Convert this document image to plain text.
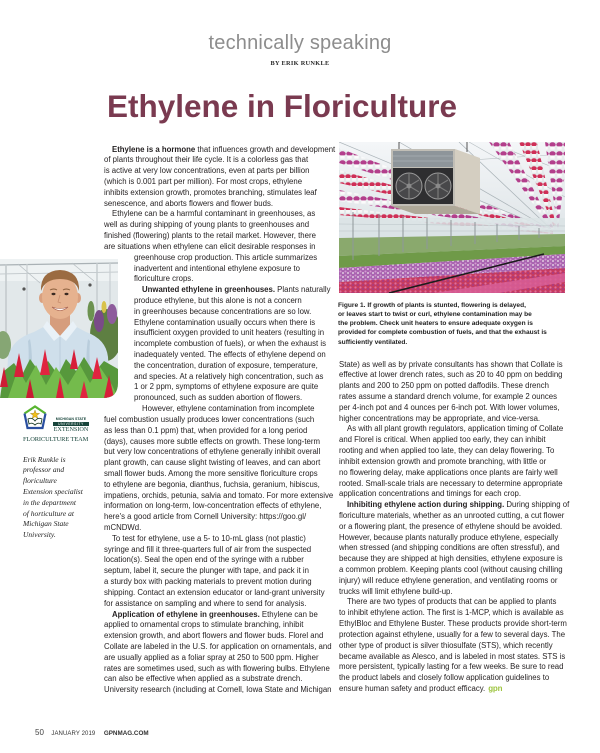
technically speaking
BY ERIK RUNKLE
Ethylene in Floriculture
MICHIGAN STATE
UNIVERSITY
EXTENSION
FLORICULTURE TEAM
Erik Runkle is
professor and
floriculture
Extension specialist
in the department
of horticulture at
Michigan State
University.
Ethylene is a hormone that influences growth and development
of plants throughout their life cycle. It is a colorless gas that
is active at very low concentrations, even at parts per billion
(which is 0.001 part per million). For most crops, ethylene
inhibits extension growth, promotes branching, stimulates leaf
senescence, and aborts flowers and flower buds.
Ethylene can be a harmful contaminant in greenhouses, as
well as during shipping of young plants to greenhouses and
finished (flowering) plants to the retail market. However, there
are situations when ethylene can elicit desirable responses in
greenhouse crop production. This article summarizes
inadvertent and intentional ethylene exposure to
floriculture crops.
Unwanted ethylene in greenhouses. Plants naturally
produce ethylene, but this alone is not a concern
in greenhouses because concentrations are so low.
Ethylene contamination usually occurs when there is
insufficient oxygen provided to unit heaters (resulting in
incomplete combustion of fuels), or when the exhaust is
inadequately vented. The effects of ethylene depend on
the concentration, duration of exposure, temperature,
and species. At a relatively high concentration, such as
1 or 2 ppm, symptoms of ethylene exposure are quite
pronounced, such as sudden abortion of flowers.
However, ethylene contamination from incomplete
fuel combustion usually produces lower concentrations (such
as less than 0.1 ppm) that, when provided for a long period
(days), causes more subtle effects on growth. These long-term
but very low concentrations of ethylene generally inhibit overall
plant growth, can cause slight twisting of leaves, and can abort
small flower buds. Among the more sensitive floriculture crops
to ethylene are begonia, dianthus, fuchsia, geranium, hibiscus,
impatiens, orchids, petunia, salvia and tomato. For more extensive
information on long-term, low-concentration effects of ethylene,
here's a good article from Cornell University: https://goo.gl/
mCNDWd.
To test for ethylene, use a 5- to 10-mL glass (not plastic)
syringe and fill it three-quarters full of air from the suspected
location(s). Seal the open end of the syringe with a rubber
septum, label it, secure the plunger with tape, and pack it in
a sturdy box with packing materials to prevent motion during
shipping. Contact an extension educator or land-grant university
for assistance on sampling and where to send for analysis.
Application of ethylene in greenhouses. Ethylene can be
applied to ornamental crops to stimulate branching, inhibit
extension growth, and abort flowers and flower buds. Florel and
Collate are labeled in the U.S. for application on ornamentals, and
are usually applied as a foliar spray at 250 to 500 ppm. Higher
rates are sometimes used, such as with flowering bulbs. Ethylene
can also be effective when applied as a substrate drench.
University research (including at Cornell, Iowa State and Michigan
Figure 1. If growth of plants is stunted, flowering is delayed,
or leaves start to twist or curl, ethylene contamination may be
the problem. Check unit heaters to ensure adequate oxygen is
provided for complete combustion of fuels, and that the exhaust is
sufficiently ventilated.
State) as well as by private consultants has shown that Collate is
effective at lower drench rates, such as 20 to 40 ppm on bedding
plants and 200 to 250 ppm on potted daffodils. These drench
rates assume a standard drench volume, for example 2 ounces
per 4-inch pot and 4 ounces per 6-inch pot. With lower volumes,
higher concentrations may be appropriate, and vice-versa.
As with all plant growth regulators, application timing of Collate
and Florel is critical. When applied too early, they can inhibit
rooting and when applied too late, they can delay flowering. To
inhibit extension growth and promote branching, with little or
no flowering delay, make applications once plants are fairly well
rooted. Small-scale trials are necessary to determine appropriate
application concentrations and timings for each crop.
Inhibiting ethylene action during shipping. During shipping of
floriculture materials, whether as an unrooted cutting, a cut flower
or a flowering plant, the presence of ethylene should be avoided.
However, because plants naturally produce ethylene, especially
when stressed (and shipping conditions are often stressful), and
because they are shipped at high densities, ethylene exposure is
a common problem. Keeping plants cool (without causing chilling
injury) will reduce ethylene generation, and ventilating rooms or
trucks will limit ethylene build-up.
There are two types of products that can be applied to plants
to inhibit ethylene action. The first is 1-MCP, which is available as
EthylBloc and Ethylene Buster. These products provide short-term
protection against ethylene, usually for a few to several days. The
other type of product is silver thiosulfate (STS), which recently
became available as Alesco, and is labeled in most states. STS is
more persistent, typically lasting for a few weeks. Be sure to read
the product labels and closely follow application guidelines to
ensure human safety and product efficacy. gpn
50 JANUARY 2019 GPNMAG.COM
